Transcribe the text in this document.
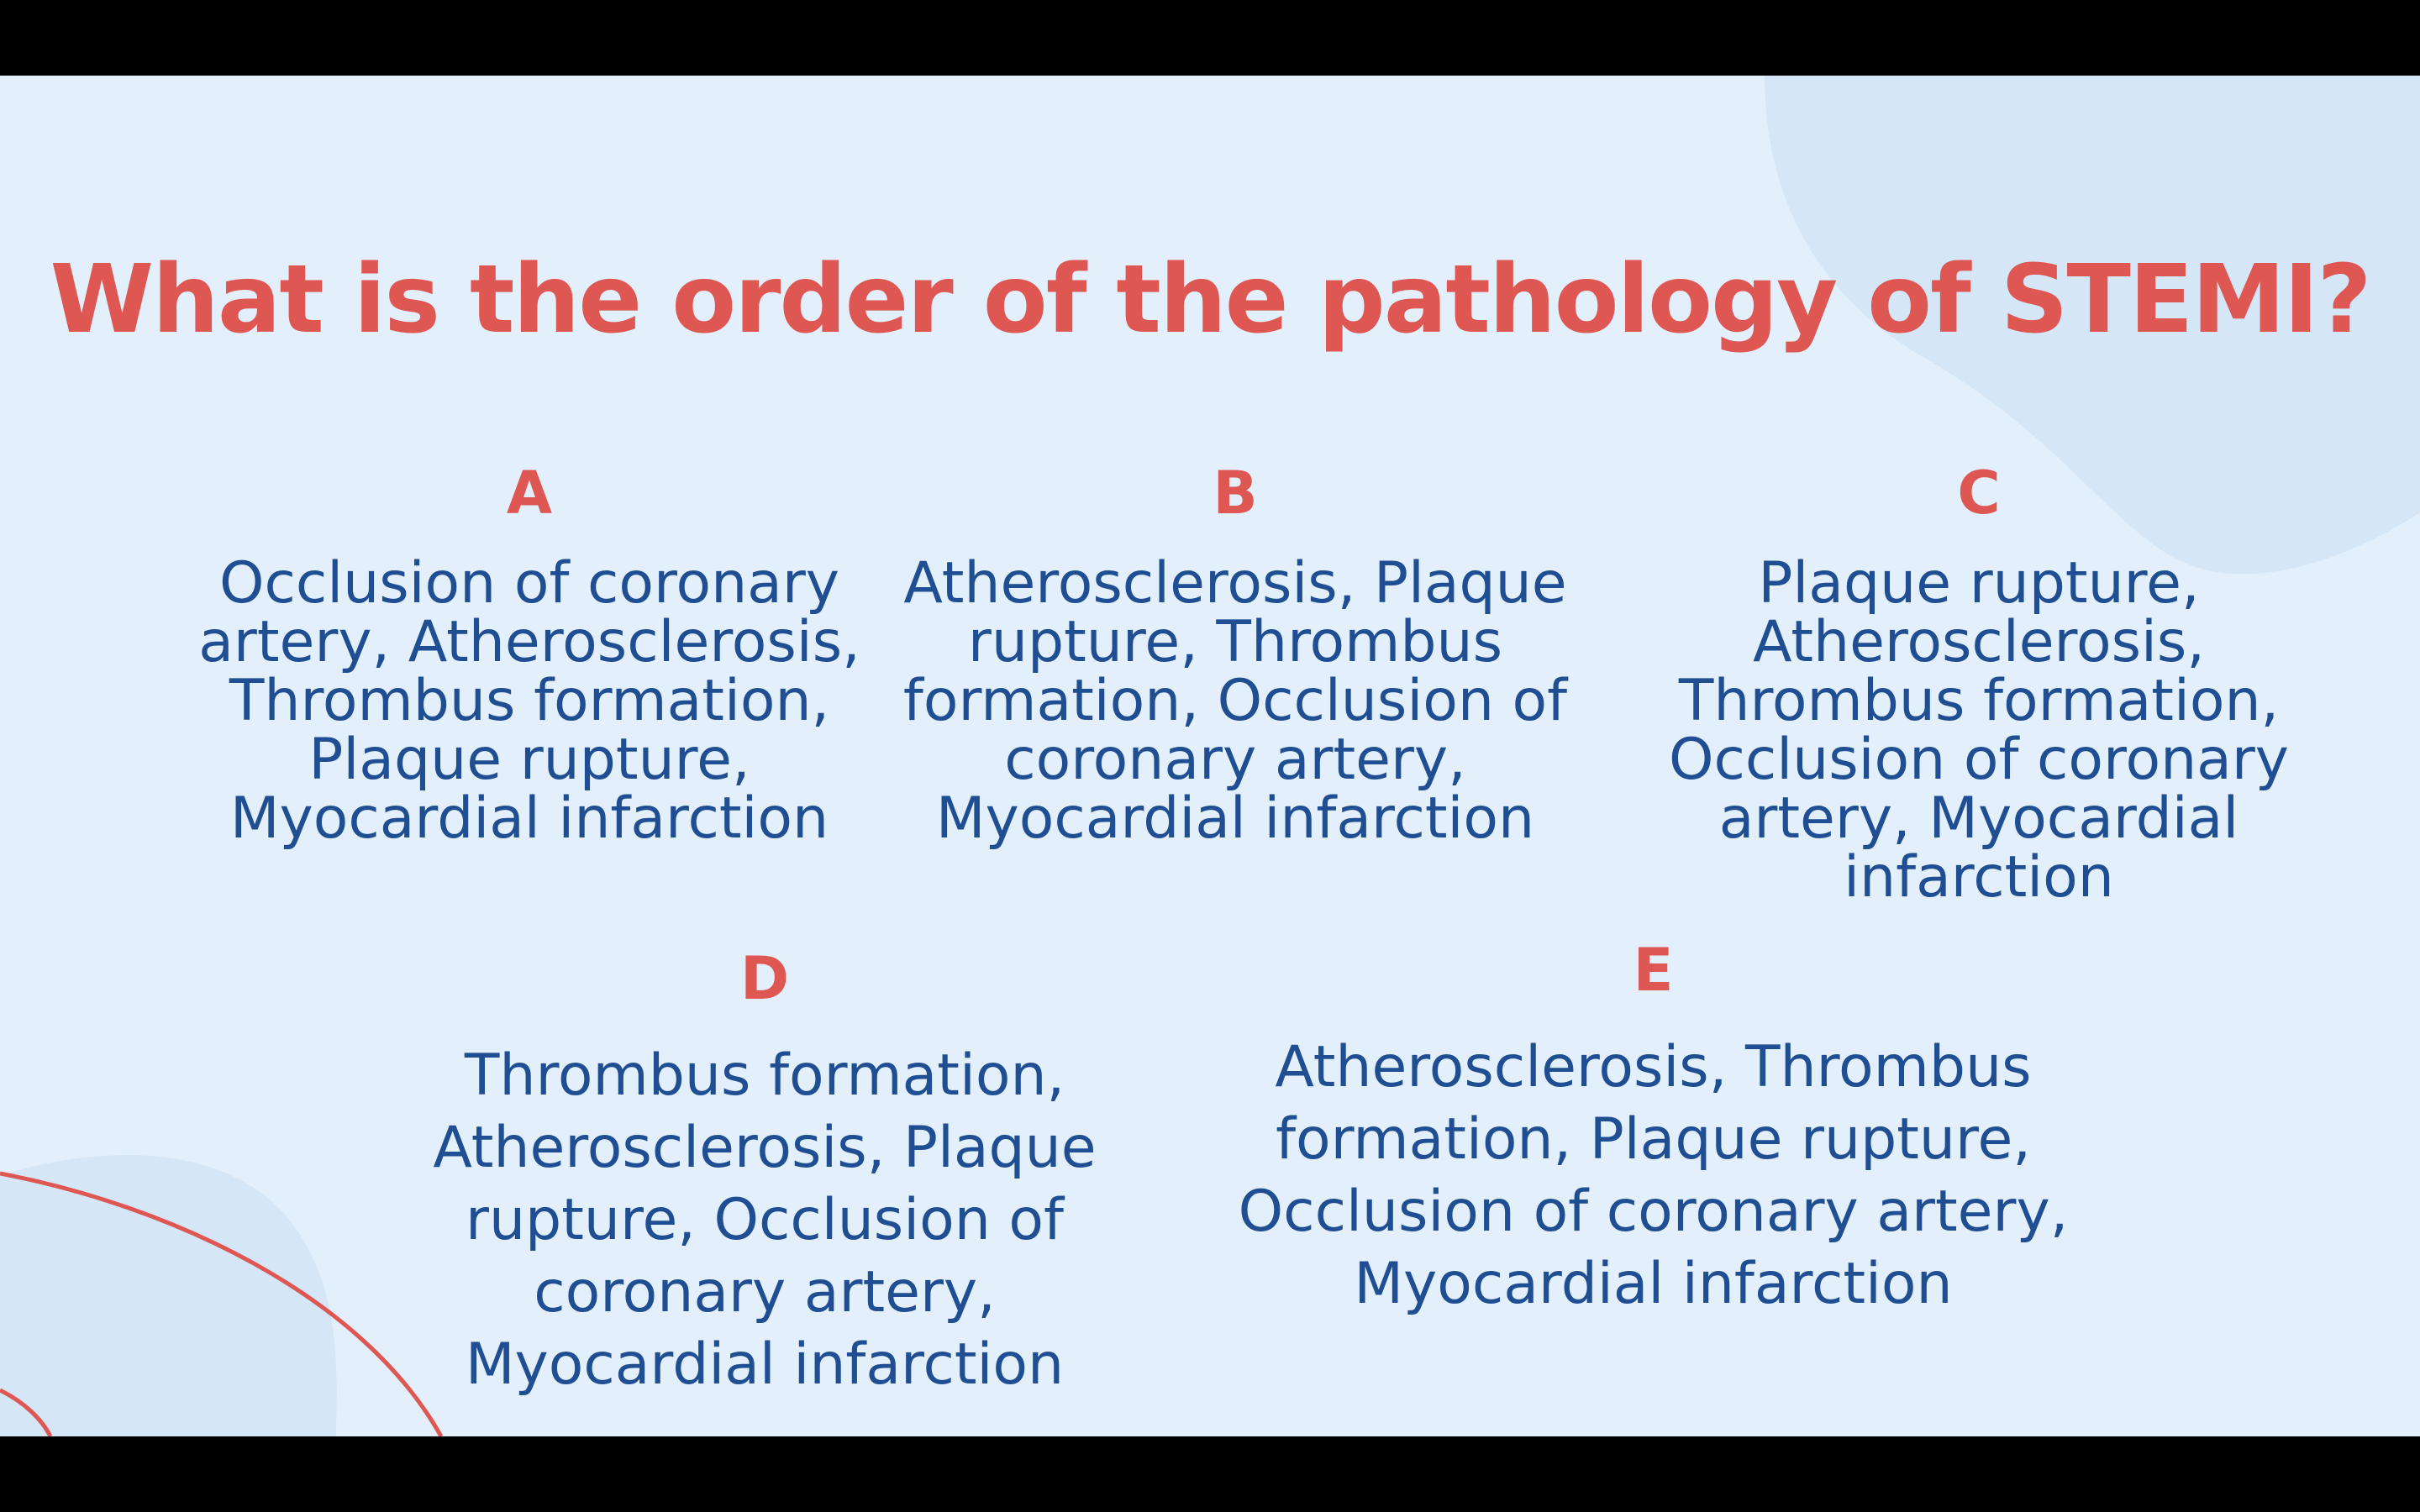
What is the order of the pathology of STEMI?
A
Occlusion of coronary artery, Atherosclerosis, Thrombus formation, Plaque rupture, Myocardial infarction
B
Atherosclerosis, Plaque rupture, Thrombus formation, Occlusion of coronary artery, Myocardial infarction
C
Plaque rupture, Atherosclerosis, Thrombus formation, Occlusion of coronary artery, Myocardial infarction
D
Thrombus formation, Atherosclerosis, Plaque rupture, Occlusion of coronary artery, Myocardial infarction
E
Atherosclerosis, Thrombus formation, Plaque rupture, Occlusion of coronary artery, Myocardial infarction
